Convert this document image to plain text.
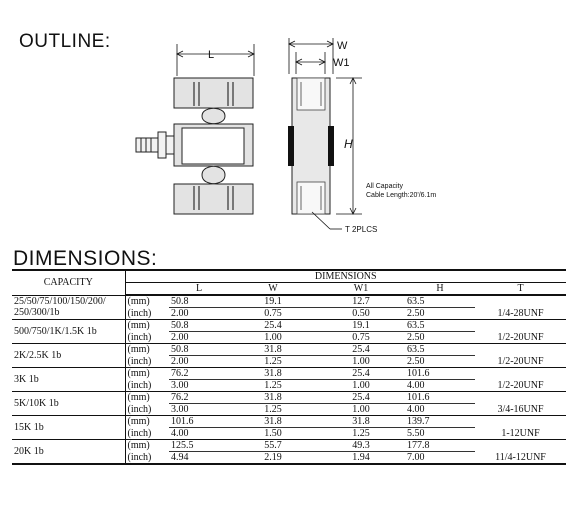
OUTLINE:
L
W
W1
H
All Capacity
Cable Length:20'/6.1m
T 2PLCS
DIMENSIONS:
CAPACITY	DIMENSIONS					
		L	W	W1	H	T
25/50/75/100/150/200/
250/300/1b	(mm)	50.8	19.1	12.7	63.5	
	(inch)	2.00	0.75	0.50	2.50	1/4-28UNF
500/750/1K/1.5K 1b	(mm)	50.8	25.4	19.1	63.5	
	(inch)	2.00	1.00	0.75	2.50	1/2-20UNF
2K/2.5K 1b	(mm)	50.8	31.8	25.4	63.5	
	(inch)	2.00	1.25	1.00	2.50	1/2-20UNF
3K 1b	(mm)	76.2	31.8	25.4	101.6	
	(inch)	3.00	1.25	1.00	4.00	1/2-20UNF
5K/10K 1b	(mm)	76.2	31.8	25.4	101.6	
	(inch)	3.00	1.25	1.00	4.00	3/4-16UNF
15K 1b	(mm)	101.6	31.8	31.8	139.7	
	(inch)	4.00	1.50	1.25	5.50	1-12UNF
20K 1b	(mm)	125.5	55.7	49.3	177.8	
	(inch)	4.94	2.19	1.94	7.00	11/4-12UNF
